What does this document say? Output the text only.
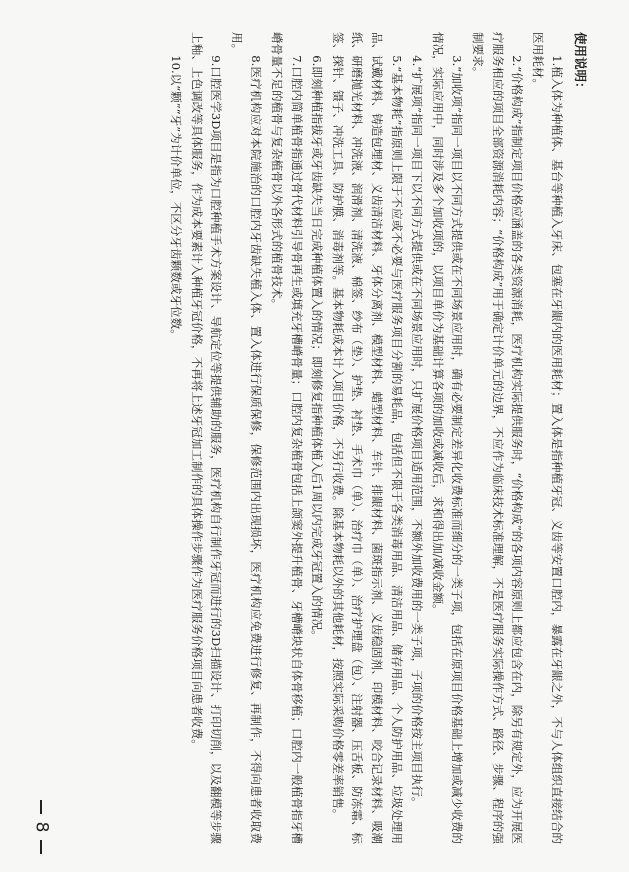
使用说明：

1.植入体为种植体、基台等种植入牙床、包塞在牙龈内的医用耗材；置入体是指种植牙冠、义齿等安置口腔内，暴露在牙龈之外，不与人体组织直接结合的医用耗材。

2.“价格构成”指制定项目价格应涵盖的各类资源消耗，医疗机构实际提供服务时，“价格构成”的各项内容原则上都应包含在内，除另有规定外，应为开展医疗服务相应的项目全部资源消耗内容；“价格构成”用于确定计价单元的边界，不应作为临床技术标准理解，不是医疗服务实际操作方式、路径、步骤、程序的强制要求。

3.“加收项”指同一项目以不同方式提供或在不同场景应用时，确有必要制定差异化收费标准而细分的一类子项，包括在原项目价格基础上增加或减少收费的情况，实际应用中，同时涉及多个加收项的，以项目单价为基础计算各项的加收或减收后，求和得出加/减收金额。

4.“扩展项”指同一项目下以不同方式提供或在不同场景应用时，只扩展价格项目适用范围，不额外加收费用的一类子项，子项的价格按主项目执行。

5.“基本物耗”指原则上限于不应或不必要与医疗服务项目分割的易耗品，包括但不限于各类消毒用品、清洁用品、储存用品、个人防护用品、垃圾处理用品、试戴材料、铸造包埋材、义齿清洁材料、牙体分离剂、模型材料、蜡型材料、车针、排龈材料、菌斑指示剂、义齿稳固剂、印模材料、咬合记录材料、吸潮纸、研磨抛光材料、冲洗液、润滑剂、清洗液、棉签、纱布（垫）、护垫、衬垫、手术巾（单）、治疗巾（单）、治疗护理盘（包）、注射器、压舌板、防冻霜、标签、探针、镊子、冲洗工具、防护膜、消毒剂等。基本物耗成本计入项目价格，不另行收费。除基本物耗以外的其他耗材，按照实际采购价格零差率销售。

6.即刻种植指拔牙或牙齿缺失当日完成种植体置入的情况；即刻修复指种植体植入后1周以内完成牙冠置入的情况。

7.口腔内简单植骨指通过骨代材料引导骨再生或填充牙槽嵴骨量；口腔内复杂植骨包括上颌窦外提升植骨、牙槽嵴块状自体骨移植；口腔内一般植骨指牙槽嵴骨量不足的植骨与复杂植骨以外各形式的植骨技术。

8.医疗机构应对本院施治的口腔内牙齿缺失植入体、置入体进行保质保修，保修范围内出现损坏，医疗机构应免费进行修复、再制作，不得向患者收取费用。

9.口腔医学3D项目是指为口腔种植手术方案设计、导航定位等提供辅助的服务，医疗机构自行制作牙冠而进行的3D扫描设计、打印切削，以及翻模等步骤上釉、上色调改等具体服务，作为成本要素计入种植牙冠价格，不再将上述牙冠加工制作的具体操作步骤作为医疗服务价格项目向患者收费。

10.以“颗”“牙”为计价单位，不区分牙齿颗数或牙位数。

8
